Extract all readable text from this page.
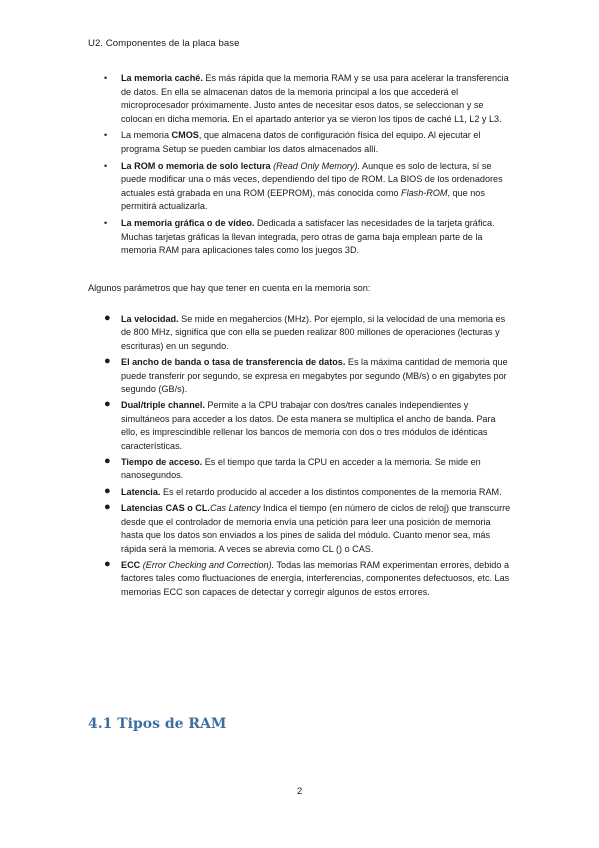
U2. Componentes de la placa base
• La memoria caché. Es más rápida que la memoria RAM y se usa para acelerar la transferencia de datos. En ella se almacenan datos de la memoria principal a los que accederá el microprocesador próximamente. Justo antes de necesitar esos datos, se seleccionan y se colocan en dicha memoria. En el apartado anterior ya se vieron los tipos de caché L1, L2 y L3.
• La memoria CMOS, que almacena datos de configuración física del equipo. Al ejecutar el programa Setup se pueden cambiar los datos almacenados allí.
• La ROM o memoria de solo lectura (Read Only Memory). Aunque es solo de lectura, sí se puede modificar una o más veces, dependiendo del tipo de ROM. La BIOS de los ordenadores actuales está grabada en una ROM (EEPROM), más conocida como Flash-ROM, que nos permitirá actualizarla.
• La memoria gráfica o de vídeo. Dedicada a satisfacer las necesidades de la tarjeta gráfica. Muchas tarjetas gráficas la llevan integrada, pero otras de gama baja emplean parte de la memoria RAM para aplicaciones tales como los juegos 3D.
Algunos parámetros que hay que tener en cuenta en la memoria son:
● La velocidad. Se mide en megahercios (MHz). Por ejemplo, si la velocidad de una memoria es de 800 MHz, significa que con ella se pueden realizar 800 millones de operaciones (lecturas y escrituras) en un segundo.
● El ancho de banda o tasa de transferencia de datos. Es la máxima cantidad de memoria que puede transferir por segundo, se expresa en megabytes por segundo (MB/s) o en gigabytes por segundo (GB/s).
● Dual/triple channel. Permite a la CPU trabajar con dos/tres canales independientes y simultáneos para acceder a los datos. De esta manera se multiplica el ancho de banda. Para ello, es imprescindible rellenar los bancos de memoria con dos o tres módulos de idénticas características.
● Tiempo de acceso. Es el tiempo que tarda la CPU en acceder a la memoria. Se mide en nanosegundos.
● Latencia. Es el retardo producido al acceder a los distintos componentes de la memoria RAM.
● Latencias CAS o CL.Cas Latency Indica el tiempo (en número de ciclos de reloj) que transcurre desde que el controlador de memoria envía una petición para leer una posición de memoria hasta que los datos son enviados a los pines de salida del módulo. Cuanto menor sea, más rápida será la memoria. A veces se abrevia como CL () o CAS.
● ECC (Error Checking and Correction). Todas las memorias RAM experimentan errores, debido a factores tales como fluctuaciones de energía, interferencias, componentes defectuosos, etc. Las memorias ECC son capaces de detectar y corregir algunos de estos errores.
4.1 Tipos de RAM
2
